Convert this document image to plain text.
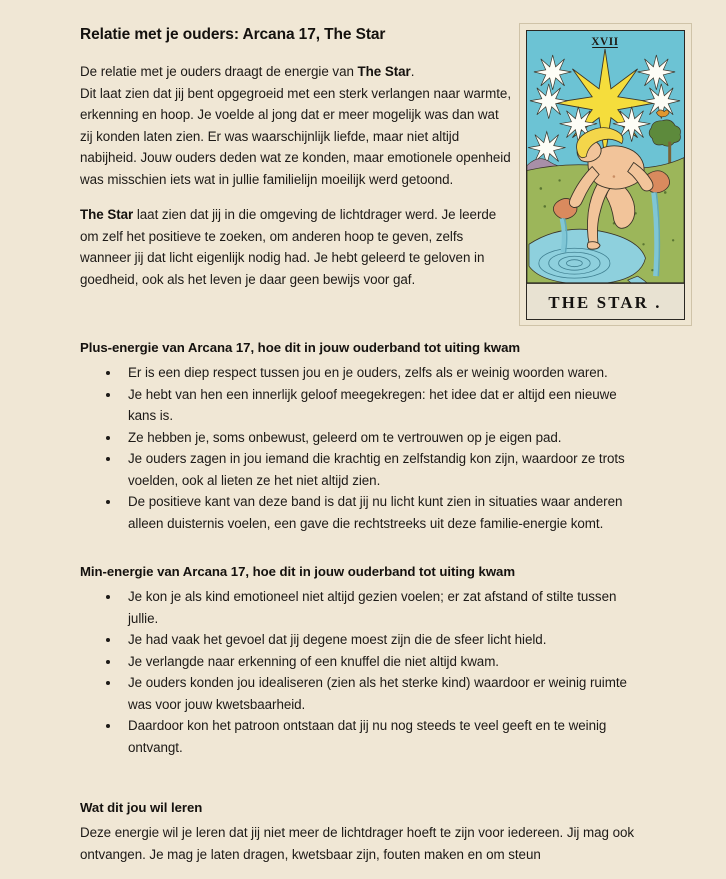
XVII
THE STAR .
Relatie met je ouders: Arcana 17, The Star

De relatie met je ouders draagt de energie van The Star.
Dit laat zien dat jij bent opgegroeid met een sterk verlangen naar warmte, erkenning en hoop. Je voelde al jong dat er meer mogelijk was dan wat zij konden laten zien. Er was waarschijnlijk liefde, maar niet altijd nabijheid. Jouw ouders deden wat ze konden, maar emotionele openheid was misschien iets wat in jullie familielijn moeilijk werd getoond.

The Star laat zien dat jij in die omgeving de lichtdrager werd. Je leerde om zelf het positieve te zoeken, om anderen hoop te geven, zelfs wanneer jij dat licht eigenlijk nodig had. Je hebt geleerd te geloven in goedheid, ook als het leven je daar geen bewijs voor gaf.

Plus-energie van Arcana 17, hoe dit in jouw ouderband tot uiting kwam
Er is een diep respect tussen jou en je ouders, zelfs als er weinig woorden waren.
Je hebt van hen een innerlijk geloof meegekregen: het idee dat er altijd een nieuwe kans is.
Ze hebben je, soms onbewust, geleerd om te vertrouwen op je eigen pad.
Je ouders zagen in jou iemand die krachtig en zelfstandig kon zijn, waardoor ze trots voelden, ook al lieten ze het niet altijd zien.
De positieve kant van deze band is dat jij nu licht kunt zien in situaties waar anderen alleen duisternis voelen, een gave die rechtstreeks uit deze familie-energie komt.
Min-energie van Arcana 17, hoe dit in jouw ouderband tot uiting kwam
Je kon je als kind emotioneel niet altijd gezien voelen; er zat afstand of stilte tussen jullie.
Je had vaak het gevoel dat jij degene moest zijn die de sfeer licht hield.
Je verlangde naar erkenning of een knuffel die niet altijd kwam.
Je ouders konden jou idealiseren (zien als het sterke kind) waardoor er weinig ruimte was voor jouw kwetsbaarheid.
Daardoor kon het patroon ontstaan dat jij nu nog steeds te veel geeft en te weinig ontvangt.
Wat dit jou wil leren

Deze energie wil je leren dat jij niet meer de lichtdrager hoeft te zijn voor iedereen. Jij mag ook ontvangen. Je mag je laten dragen, kwetsbaar zijn, fouten maken en om steun
